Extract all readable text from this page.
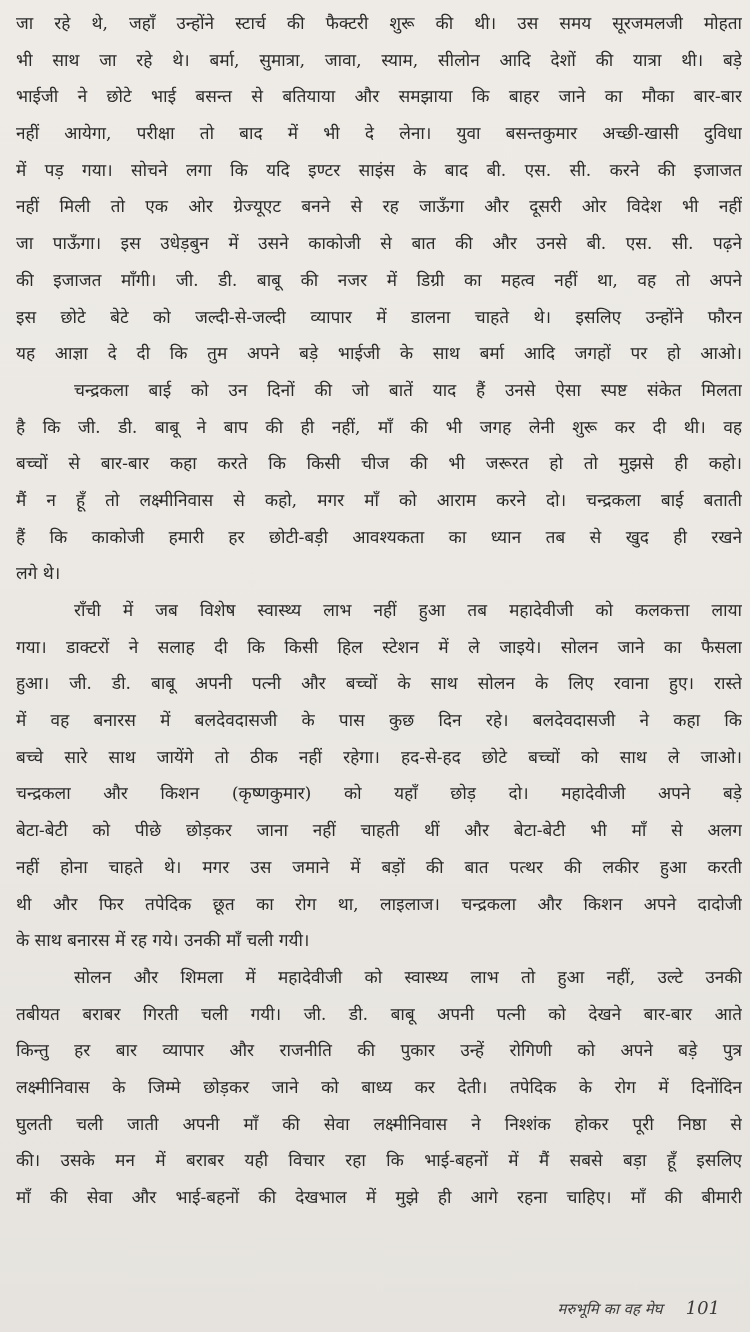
जा रहे थे, जहाँ उन्होंने स्टार्च की फैक्टरी शुरू की थी। उस समय सूरजमलजी मोहता
भी साथ जा रहे थे। बर्मा, सुमात्रा, जावा, स्याम, सीलोन आदि देशों की यात्रा थी। बड़े
भाईजी ने छोटे भाई बसन्त से बतियाया और समझाया कि बाहर जाने का मौका बार-बार
नहीं आयेगा, परीक्षा तो बाद में भी दे लेना। युवा बसन्तकुमार अच्छी-खासी दुविधा
में पड़ गया। सोचने लगा कि यदि इण्टर साइंस के बाद बी. एस. सी. करने की इजाजत
नहीं मिली तो एक ओर ग्रेज्यूएट बनने से रह जाऊँगा और दूसरी ओर विदेश भी नहीं
जा पाऊँगा। इस उधेड़बुन में उसने काकोजी से बात की और उनसे बी. एस. सी. पढ़ने
की इजाजत माँगी। जी. डी. बाबू की नजर में डिग्री का महत्व नहीं था, वह तो अपने
इस छोटे बेटे को जल्दी-से-जल्दी व्यापार में डालना चाहते थे। इसलिए उन्होंने फौरन
यह आज्ञा दे दी कि तुम अपने बड़े भाईजी के साथ बर्मा आदि जगहों पर हो आओ।
चन्द्रकला बाई को उन दिनों की जो बातें याद हैं उनसे ऐसा स्पष्ट संकेत मिलता
है कि जी. डी. बाबू ने बाप की ही नहीं, माँ की भी जगह लेनी शुरू कर दी थी। वह
बच्चों से बार-बार कहा करते कि किसी चीज की भी जरूरत हो तो मुझसे ही कहो।
मैं न हूँ तो लक्ष्मीनिवास से कहो, मगर माँ को आराम करने दो। चन्द्रकला बाई बताती
हैं कि काकोजी हमारी हर छोटी-बड़ी आवश्यकता का ध्यान तब से खुद ही रखने
लगे थे।
राँची में जब विशेष स्वास्थ्य लाभ नहीं हुआ तब महादेवीजी को कलकत्ता लाया
गया। डाक्टरों ने सलाह दी कि किसी हिल स्टेशन में ले जाइये। सोलन जाने का फैसला
हुआ। जी. डी. बाबू अपनी पत्नी और बच्चों के साथ सोलन के लिए रवाना हुए। रास्ते
में वह बनारस में बलदेवदासजी के पास कुछ दिन रहे। बलदेवदासजी ने कहा कि
बच्चे सारे साथ जायेंगे तो ठीक नहीं रहेगा। हद-से-हद छोटे बच्चों को साथ ले जाओ।
चन्द्रकला और किशन (कृष्णकुमार) को यहाँ छोड़ दो। महादेवीजी अपने बड़े
बेटा-बेटी को पीछे छोड़कर जाना नहीं चाहती थीं और बेटा-बेटी भी माँ से अलग
नहीं होना चाहते थे। मगर उस जमाने में बड़ों की बात पत्थर की लकीर हुआ करती
थी और फिर तपेदिक छूत का रोग था, लाइलाज। चन्द्रकला और किशन अपने दादोजी
के साथ बनारस में रह गये। उनकी माँ चली गयी।
सोलन और शिमला में महादेवीजी को स्वास्थ्य लाभ तो हुआ नहीं, उल्टे उनकी
तबीयत बराबर गिरती चली गयी। जी. डी. बाबू अपनी पत्नी को देखने बार-बार आते
किन्तु हर बार व्यापार और राजनीति की पुकार उन्हें रोगिणी को अपने बड़े पुत्र
लक्ष्मीनिवास के जिम्मे छोड़कर जाने को बाध्य कर देती। तपेदिक के रोग में दिनोंदिन
घुलती चली जाती अपनी माँ की सेवा लक्ष्मीनिवास ने निश्शंक होकर पूरी निष्ठा से
की। उसके मन में बराबर यही विचार रहा कि भाई-बहनों में मैं सबसे बड़ा हूँ इसलिए
माँ की सेवा और भाई-बहनों की देखभाल में मुझे ही आगे रहना चाहिए। माँ की बीमारी
मरुभूमि का वह मेघ 101
